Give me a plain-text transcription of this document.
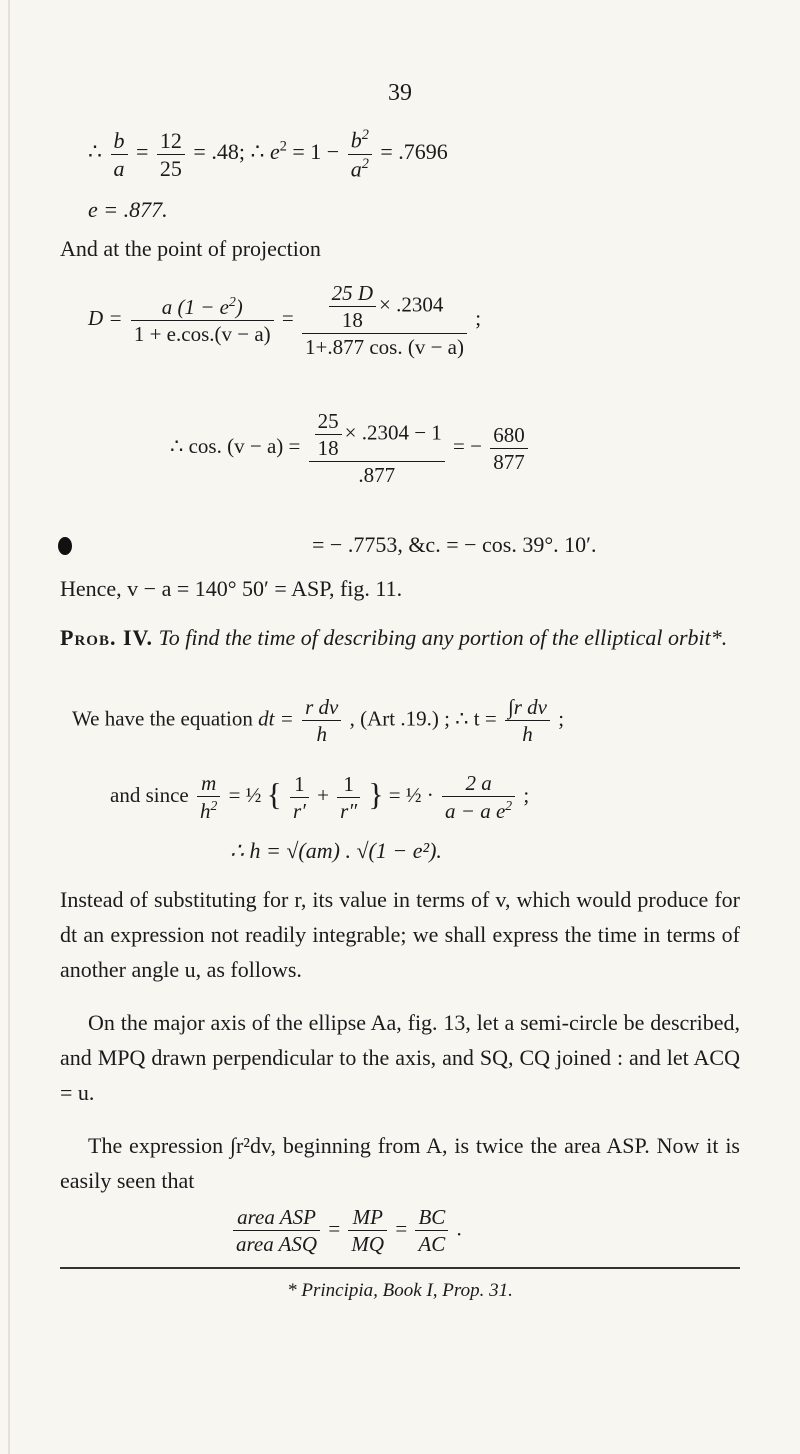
39
∴ $\frac{b}{a} = \frac{12}{25} = .48$; ∴ $e^2 = 1 - \frac{b^2}{a^2} = .7696$
e = .877.
And at the point of projection
$D = \frac{a (1 - e^2)}{1 + e.\cos.(v - a)} = \frac{\frac{25 D}{18} \times .2304}{1+.877 \cos. (v - a)}$ ;
∴ cos. $(v - a) = \frac{\frac{25}{18} \times .2304 - 1}{.877}$ = − $\frac{680}{877}$
= − .7753, &c. = − cos. 39°. 10′.
Hence, v − a = 140° 50′ = ASP, fig. 11.
Prob. IV. To find the time of describing any portion of the elliptical orbit*.
We have the equation dt = $\frac{\text{r dv}}{h}$ , (Art .19.) ; ∴ $t = \frac{\text{∫r dv}}{h}$ ;
and since $\frac{m}{h^2}$ = ½ { $\frac{1}{r'} + \frac{1}{r''}$ } = ½ · $\frac{2 a}{a - a e^2}$ ;
∴ h = √(am) . √(1 − e²).
Instead of substituting for r, its value in terms of v, which would produce for dt an expression not readily integrable; we shall express the time in terms of another angle u, as follows.
On the major axis of the ellipse Aa, fig. 13, let a semi-circle be described, and MPQ drawn perpendicular to the axis, and SQ, CQ joined : and let ACQ = u.
The expression ∫r²dv, beginning from A, is twice the area ASP. Now it is easily seen that
$\frac{\text{area ASP}}{\text{area ASQ}} = \frac{MP}{MQ} = \frac{BC}{AC}$ .
* Principia, Book I, Prop. 31.
